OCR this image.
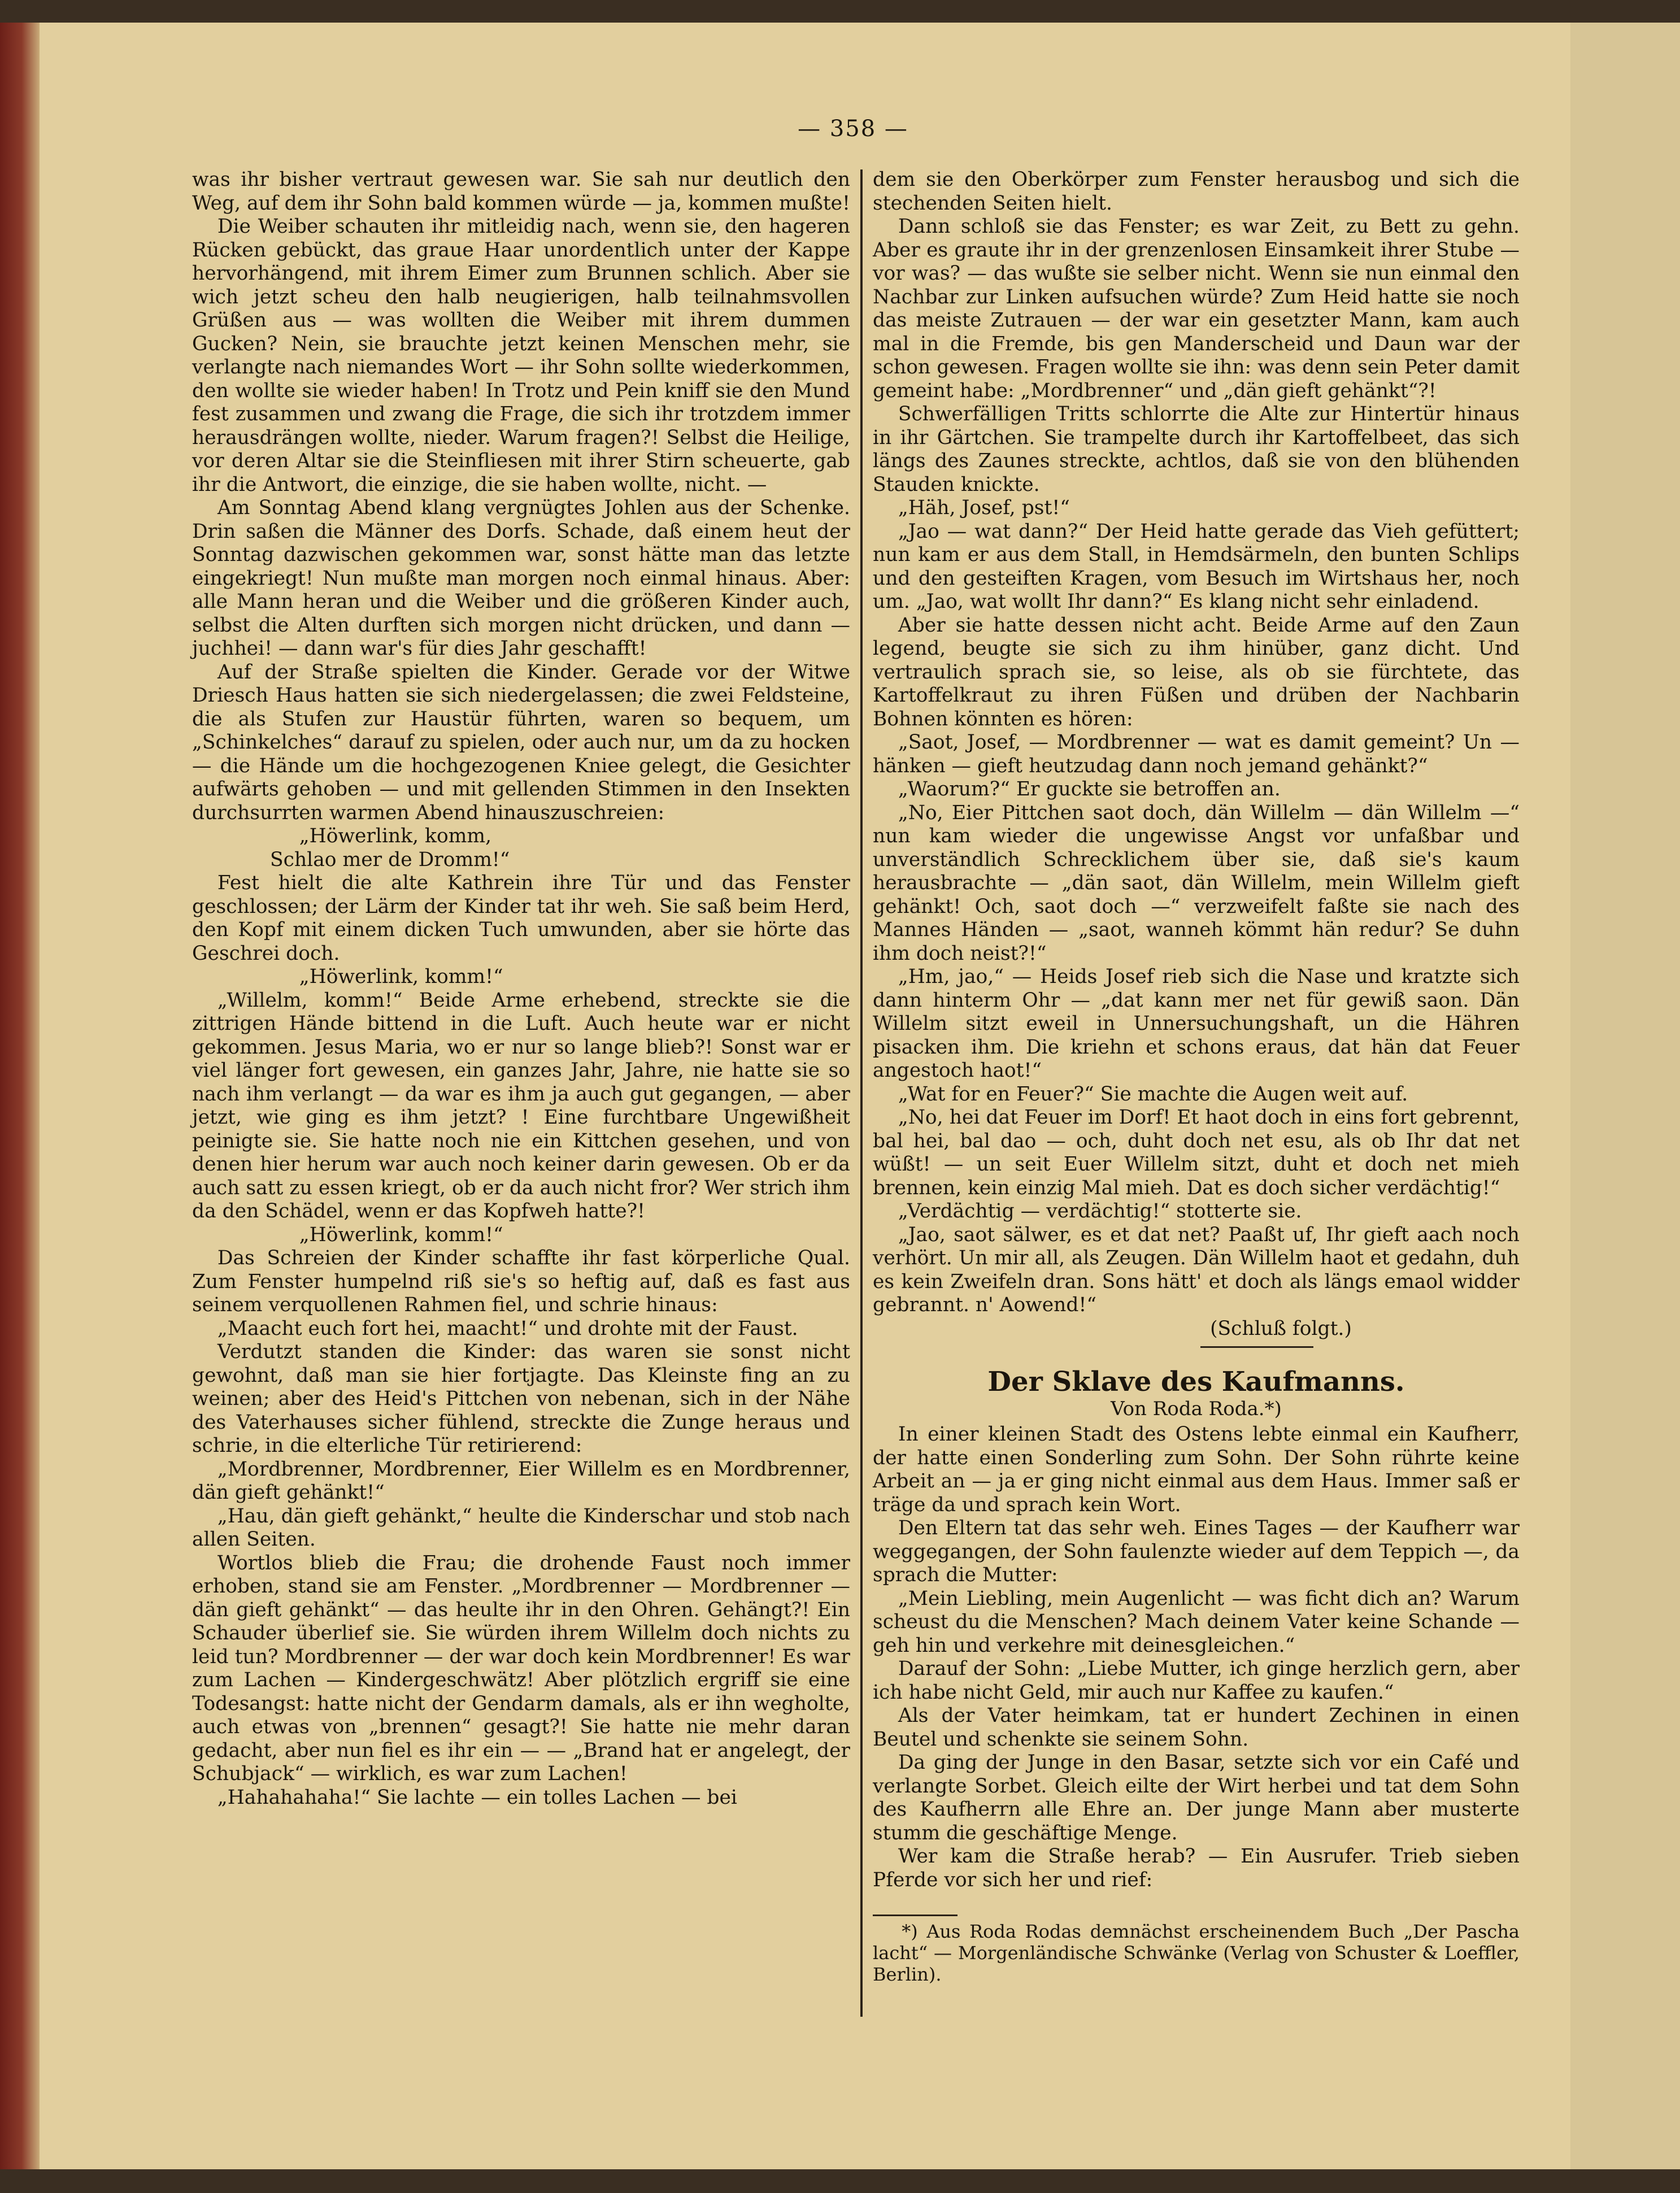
— 358 —

was ihr bisher vertraut gewesen war. Sie sah nur deutlich den Weg, auf dem ihr Sohn bald kommen würde — ja, kommen mußte!

Die Weiber schauten ihr mitleidig nach, wenn sie, den hageren Rücken gebückt, das graue Haar unordentlich unter der Kappe hervorhängend, mit ihrem Eimer zum Brunnen schlich. Aber sie wich jetzt scheu den halb neugierigen, halb teilnahmsvollen Grüßen aus — was wollten die Weiber mit ihrem dummen Gucken? Nein, sie brauchte jetzt keinen Menschen mehr, sie verlangte nach niemandes Wort — ihr Sohn sollte wiederkommen, den wollte sie wieder haben! In Trotz und Pein kniff sie den Mund fest zusammen und zwang die Frage, die sich ihr trotzdem immer herausdrängen wollte, nieder. Warum fragen?! Selbst die Heilige, vor deren Altar sie die Steinfliesen mit ihrer Stirn scheuerte, gab ihr die Antwort, die einzige, die sie haben wollte, nicht. —

Am Sonntag Abend klang vergnügtes Johlen aus der Schenke. Drin saßen die Männer des Dorfs. Schade, daß einem heut der Sonntag dazwischen gekommen war, sonst hätte man das letzte eingekriegt! Nun mußte man morgen noch einmal hinaus. Aber: alle Mann heran und die Weiber und die größeren Kinder auch, selbst die Alten durften sich morgen nicht drücken, und dann — juchhei! — dann war's für dies Jahr geschafft!

Auf der Straße spielten die Kinder. Gerade vor der Witwe Driesch Haus hatten sie sich niedergelassen; die zwei Feldsteine, die als Stufen zur Haustür führten, waren so bequem, um „Schinkelches“ darauf zu spielen, oder auch nur, um da zu hocken — die Hände um die hochgezogenen Kniee gelegt, die Gesichter aufwärts gehoben — und mit gellenden Stimmen in den Insekten durchsurrten warmen Abend hinauszuschreien:

„Höwerlink, komm,

Schlao mer de Dromm!“

Fest hielt die alte Kathrein ihre Tür und das Fenster geschlossen; der Lärm der Kinder tat ihr weh. Sie saß beim Herd, den Kopf mit einem dicken Tuch umwunden, aber sie hörte das Geschrei doch.

„Höwerlink, komm!“

„Willelm, komm!“ Beide Arme erhebend, streckte sie die zittrigen Hände bittend in die Luft. Auch heute war er nicht gekommen. Jesus Maria, wo er nur so lange blieb?! Sonst war er viel länger fort gewesen, ein ganzes Jahr, Jahre, nie hatte sie so nach ihm verlangt — da war es ihm ja auch gut gegangen, — aber jetzt, wie ging es ihm jetzt? ! Eine furchtbare Ungewißheit peinigte sie. Sie hatte noch nie ein Kittchen gesehen, und von denen hier herum war auch noch keiner darin gewesen. Ob er da auch satt zu essen kriegt, ob er da auch nicht fror? Wer strich ihm da den Schädel, wenn er das Kopfweh hatte?!

„Höwerlink, komm!“

Das Schreien der Kinder schaffte ihr fast körperliche Qual. Zum Fenster humpelnd riß sie's so heftig auf, daß es fast aus seinem verquollenen Rahmen fiel, und schrie hinaus:

„Maacht euch fort hei, maacht!“ und drohte mit der Faust.

Verdutzt standen die Kinder: das waren sie sonst nicht gewohnt, daß man sie hier fortjagte. Das Kleinste fing an zu weinen; aber des Heid's Pittchen von nebenan, sich in der Nähe des Vaterhauses sicher fühlend, streckte die Zunge heraus und schrie, in die elterliche Tür retirierend:

„Mordbrenner, Mordbrenner, Eier Willelm es en Mordbrenner, dän gieft gehänkt!“

„Hau, dän gieft gehänkt,“ heulte die Kinderschar und stob nach allen Seiten.

Wortlos blieb die Frau; die drohende Faust noch immer erhoben, stand sie am Fenster. „Mordbrenner — Mordbrenner — dän gieft gehänkt“ — das heulte ihr in den Ohren. Gehängt?! Ein Schauder überlief sie. Sie würden ihrem Willelm doch nichts zu leid tun? Mordbrenner — der war doch kein Mordbrenner! Es war zum Lachen — Kindergeschwätz! Aber plötzlich ergriff sie eine Todesangst: hatte nicht der Gendarm damals, als er ihn wegholte, auch etwas von „brennen“ gesagt?! Sie hatte nie mehr daran gedacht, aber nun fiel es ihr ein — — „Brand hat er angelegt, der Schubjack“ — wirklich, es war zum Lachen!

„Hahahahaha!“ Sie lachte — ein tolles Lachen — bei

dem sie den Oberkörper zum Fenster herausbog und sich die stechenden Seiten hielt.

Dann schloß sie das Fenster; es war Zeit, zu Bett zu gehn. Aber es graute ihr in der grenzenlosen Einsamkeit ihrer Stube — vor was? — das wußte sie selber nicht. Wenn sie nun einmal den Nachbar zur Linken aufsuchen würde? Zum Heid hatte sie noch das meiste Zutrauen — der war ein gesetzter Mann, kam auch mal in die Fremde, bis gen Manderscheid und Daun war der schon gewesen. Fragen wollte sie ihn: was denn sein Peter damit gemeint habe: „Mordbrenner“ und „dän gieft gehänkt“?!

Schwerfälligen Tritts schlorrte die Alte zur Hintertür hinaus in ihr Gärtchen. Sie trampelte durch ihr Kartoffelbeet, das sich längs des Zaunes streckte, achtlos, daß sie von den blühenden Stauden knickte.

„Häh, Josef, pst!“

„Jao — wat dann?“ Der Heid hatte gerade das Vieh gefüttert; nun kam er aus dem Stall, in Hemdsärmeln, den bunten Schlips und den gesteiften Kragen, vom Besuch im Wirtshaus her, noch um. „Jao, wat wollt Ihr dann?“ Es klang nicht sehr einladend.

Aber sie hatte dessen nicht acht. Beide Arme auf den Zaun legend, beugte sie sich zu ihm hinüber, ganz dicht. Und vertraulich sprach sie, so leise, als ob sie fürchtete, das Kartoffelkraut zu ihren Füßen und drüben der Nachbarin Bohnen könnten es hören:

„Saot, Josef, — Mordbrenner — wat es damit gemeint? Un — hänken — gieft heutzudag dann noch jemand gehänkt?“

„Waorum?“ Er guckte sie betroffen an.

„No, Eier Pittchen saot doch, dän Willelm — dän Willelm —“ nun kam wieder die ungewisse Angst vor unfaßbar und unverständlich Schrecklichem über sie, daß sie's kaum herausbrachte — „dän saot, dän Willelm, mein Willelm gieft gehänkt! Och, saot doch —“ verzweifelt faßte sie nach des Mannes Händen — „saot, wanneh kömmt hän redur? Se duhn ihm doch neist?!“

„Hm, jao,“ — Heids Josef rieb sich die Nase und kratzte sich dann hinterm Ohr — „dat kann mer net für gewiß saon. Dän Willelm sitzt eweil in Unnersuchungshaft, un die Hähren pisacken ihm. Die kriehn et schons eraus, dat hän dat Feuer angestoch haot!“

„Wat for en Feuer?“ Sie machte die Augen weit auf.

„No, hei dat Feuer im Dorf! Et haot doch in eins fort gebrennt, bal hei, bal dao — och, duht doch net esu, als ob Ihr dat net wüßt! — un seit Euer Willelm sitzt, duht et doch net mieh brennen, kein einzig Mal mieh. Dat es doch sicher verdächtig!“

„Verdächtig — verdächtig!“ stotterte sie.

„Jao, saot sälwer, es et dat net? Paaßt uf, Ihr gieft aach noch verhört. Un mir all, als Zeugen. Dän Willelm haot et gedahn, duh es kein Zweifeln dran. Sons hätt' et doch als längs emaol widder gebrannt. n' Aowend!“

(Schluß folgt.)

Der Sklave des Kaufmanns.

Von Roda Roda.*)

In einer kleinen Stadt des Ostens lebte einmal ein Kaufherr, der hatte einen Sonderling zum Sohn. Der Sohn rührte keine Arbeit an — ja er ging nicht einmal aus dem Haus. Immer saß er träge da und sprach kein Wort.

Den Eltern tat das sehr weh. Eines Tages — der Kaufherr war weggegangen, der Sohn faulenzte wieder auf dem Teppich —, da sprach die Mutter:

„Mein Liebling, mein Augenlicht — was ficht dich an? Warum scheust du die Menschen? Mach deinem Vater keine Schande — geh hin und verkehre mit deinesgleichen.“

Darauf der Sohn: „Liebe Mutter, ich ginge herzlich gern, aber ich habe nicht Geld, mir auch nur Kaffee zu kaufen.“

Als der Vater heimkam, tat er hundert Zechinen in einen Beutel und schenkte sie seinem Sohn.

Da ging der Junge in den Basar, setzte sich vor ein Café und verlangte Sorbet. Gleich eilte der Wirt herbei und tat dem Sohn des Kaufherrn alle Ehre an. Der junge Mann aber musterte stumm die geschäftige Menge.

Wer kam die Straße herab? — Ein Ausrufer. Trieb sieben Pferde vor sich her und rief:

*) Aus Roda Rodas demnächst erscheinendem Buch „Der Pascha lacht“ — Morgenländische Schwänke (Verlag von Schuster & Loeffler, Berlin).
